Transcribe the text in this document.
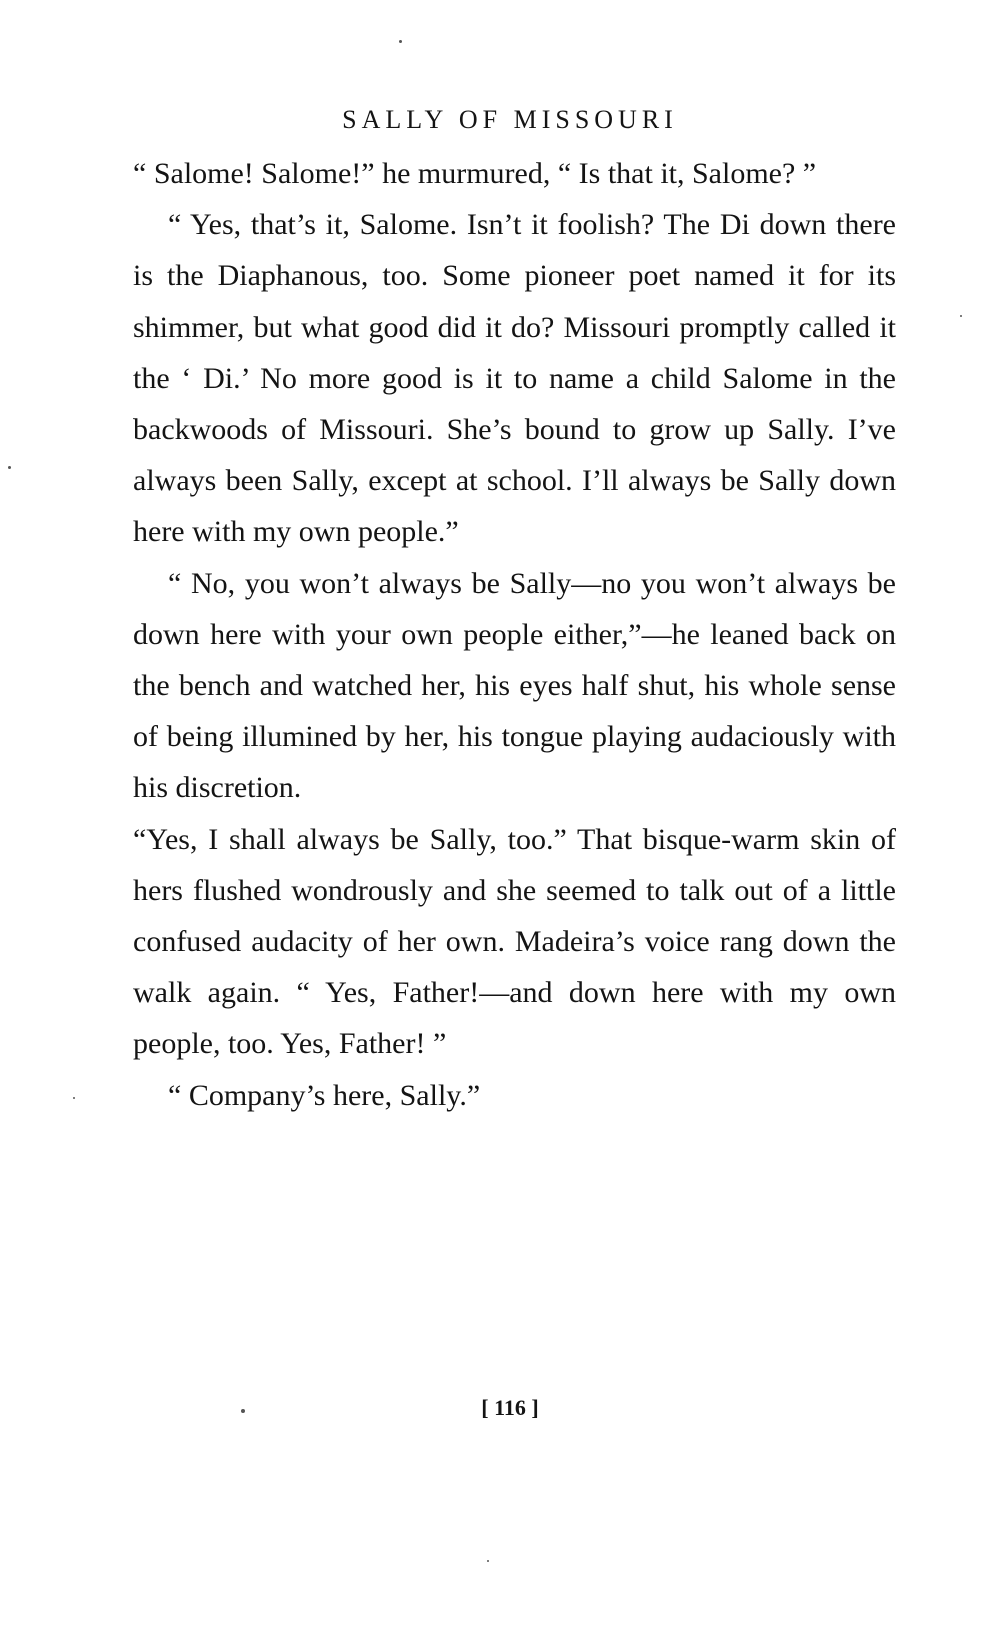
SALLY OF MISSOURI

“ Salome! Salome!” he murmured, “ Is that it, Salome? ”

“ Yes, that’s it, Salome. Isn’t it foolish? The Di down there is the Diaphanous, too. Some pioneer poet named it for its shimmer, but what good did it do? Missouri promptly called it the ‘ Di.’ No more good is it to name a child Salome in the backwoods of Missouri. She’s bound to grow up Sally. I’ve always been Sally, except at school. I’ll always be Sally down here with my own people.”

“ No, you won’t always be Sally—no you won’t always be down here with your own people either,”—he leaned back on the bench and watched her, his eyes half shut, his whole sense of being illumined by her, his tongue playing audaciously with his discretion.

“Yes, I shall always be Sally, too.” That bisque-warm skin of hers flushed wondrously and she seemed to talk out of a little confused audacity of her own. Madeira’s voice rang down the walk again. “ Yes, Father!—and down here with my own people, too. Yes, Father! ”

“ Company’s here, Sally.”

[ 116 ]
